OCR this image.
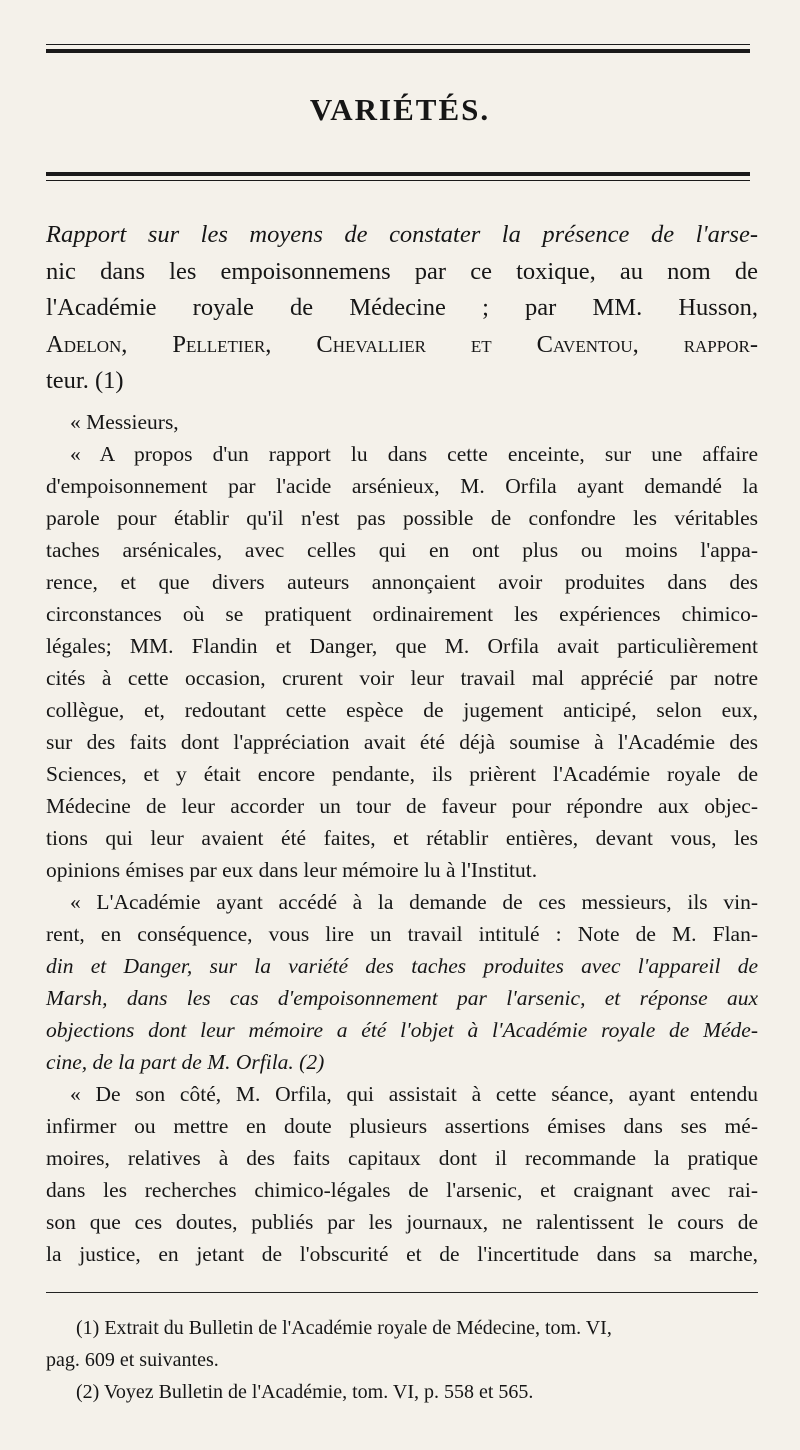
VARIÉTÉS.
Rapport sur les moyens de constater la présence de l'arse-
nic dans les empoisonnemens par ce toxique, au nom de
l'Académie royale de Médecine ; par MM. Husson,
Adelon, Pelletier, Chevallier et Caventou, rappor-
teur. (1)
« Messieurs,
« A propos d'un rapport lu dans cette enceinte, sur une affaire
d'empoisonnement par l'acide arsénieux, M. Orfila ayant demandé la
parole pour établir qu'il n'est pas possible de confondre les véritables
taches arsénicales, avec celles qui en ont plus ou moins l'appa-
rence, et que divers auteurs annonçaient avoir produites dans des
circonstances où se pratiquent ordinairement les expériences chimico-
légales; MM. Flandin et Danger, que M. Orfila avait particulièrement
cités à cette occasion, crurent voir leur travail mal apprécié par notre
collègue, et, redoutant cette espèce de jugement anticipé, selon eux,
sur des faits dont l'appréciation avait été déjà soumise à l'Académie des
Sciences, et y était encore pendante, ils prièrent l'Académie royale de
Médecine de leur accorder un tour de faveur pour répondre aux objec-
tions qui leur avaient été faites, et rétablir entières, devant vous, les
opinions émises par eux dans leur mémoire lu à l'Institut.
« L'Académie ayant accédé à la demande de ces messieurs, ils vin-
rent, en conséquence, vous lire un travail intitulé : Note de M. Flan-
din et Danger, sur la variété des taches produites avec l'appareil de
Marsh, dans les cas d'empoisonnement par l'arsenic, et réponse aux
objections dont leur mémoire a été l'objet à l'Académie royale de Méde-
cine, de la part de M. Orfila. (2)
« De son côté, M. Orfila, qui assistait à cette séance, ayant entendu
infirmer ou mettre en doute plusieurs assertions émises dans ses mé-
moires, relatives à des faits capitaux dont il recommande la pratique
dans les recherches chimico-légales de l'arsenic, et craignant avec rai-
son que ces doutes, publiés par les journaux, ne ralentissent le cours de
la justice, en jetant de l'obscurité et de l'incertitude dans sa marche,
(1) Extrait du Bulletin de l'Académie royale de Médecine, tom. VI,
pag. 609 et suivantes.
(2) Voyez Bulletin de l'Académie, tom. VI, p. 558 et 565.
